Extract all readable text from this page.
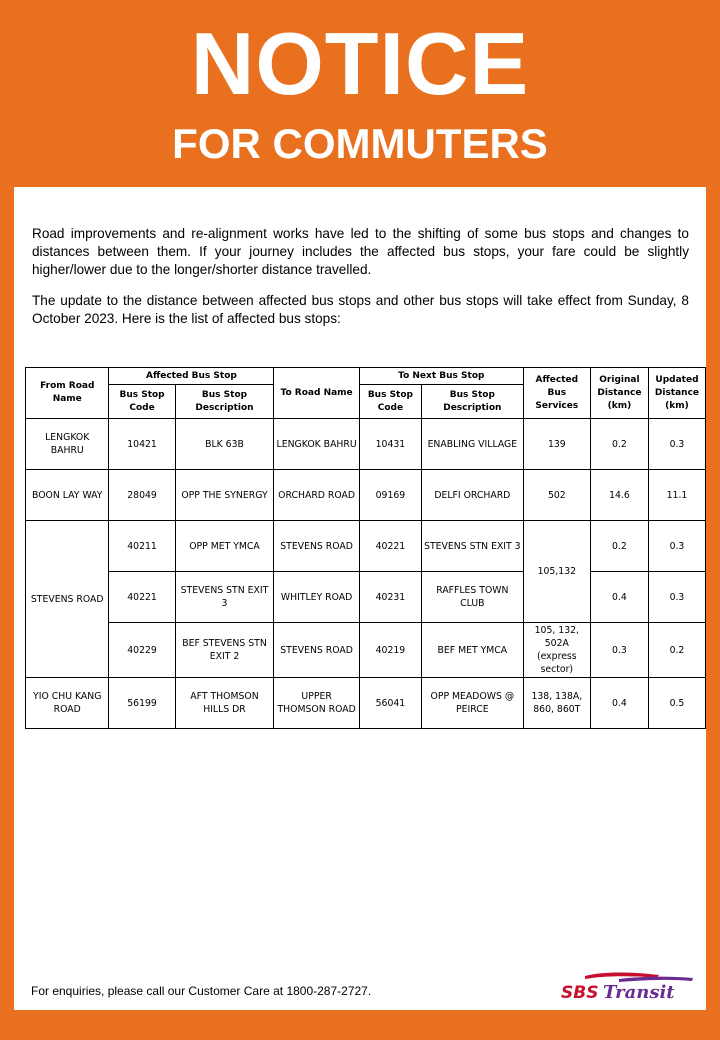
NOTICE
FOR COMMUTERS

Road improvements and re-alignment works have led to the shifting of some bus stops and changes to distances between them. If your journey includes the affected bus stops, your fare could be slightly higher/lower due to the longer/shorter distance travelled.

The update to the distance between affected bus stops and other bus stops will take effect from Sunday, 8 October 2023. Here is the list of affected bus stops:

From Road Name	Affected Bus Stop		To Road Name	To Next Bus Stop		Affected Bus Services	Original Distance (km)	Updated Distance (km)
	Bus Stop Code	Bus Stop Description		Bus Stop Code	Bus Stop Description			
LENGKOK BAHRU	10421	BLK 63B	LENGKOK BAHRU	10431	ENABLING VILLAGE	139	0.2	0.3
BOON LAY WAY	28049	OPP THE SYNERGY	ORCHARD ROAD	09169	DELFI ORCHARD	502	14.6	11.1
STEVENS ROAD	40211	OPP MET YMCA	STEVENS ROAD	40221	STEVENS STN EXIT 3	105,132	0.2	0.3
	40221	STEVENS STN EXIT 3	WHITLEY ROAD	40231	RAFFLES TOWN CLUB		0.4	0.3
	40229	BEF STEVENS STN EXIT 2	STEVENS ROAD	40219	BEF MET YMCA	105, 132, 502A (express sector)	0.3	0.2
YIO CHU KANG ROAD	56199	AFT THOMSON HILLS DR	UPPER THOMSON ROAD	56041	OPP MEADOWS @ PEIRCE	138, 138A, 860, 860T	0.4	0.5
For enquiries, please call our Customer Care at 1800-287-2727.	SBS Transit
